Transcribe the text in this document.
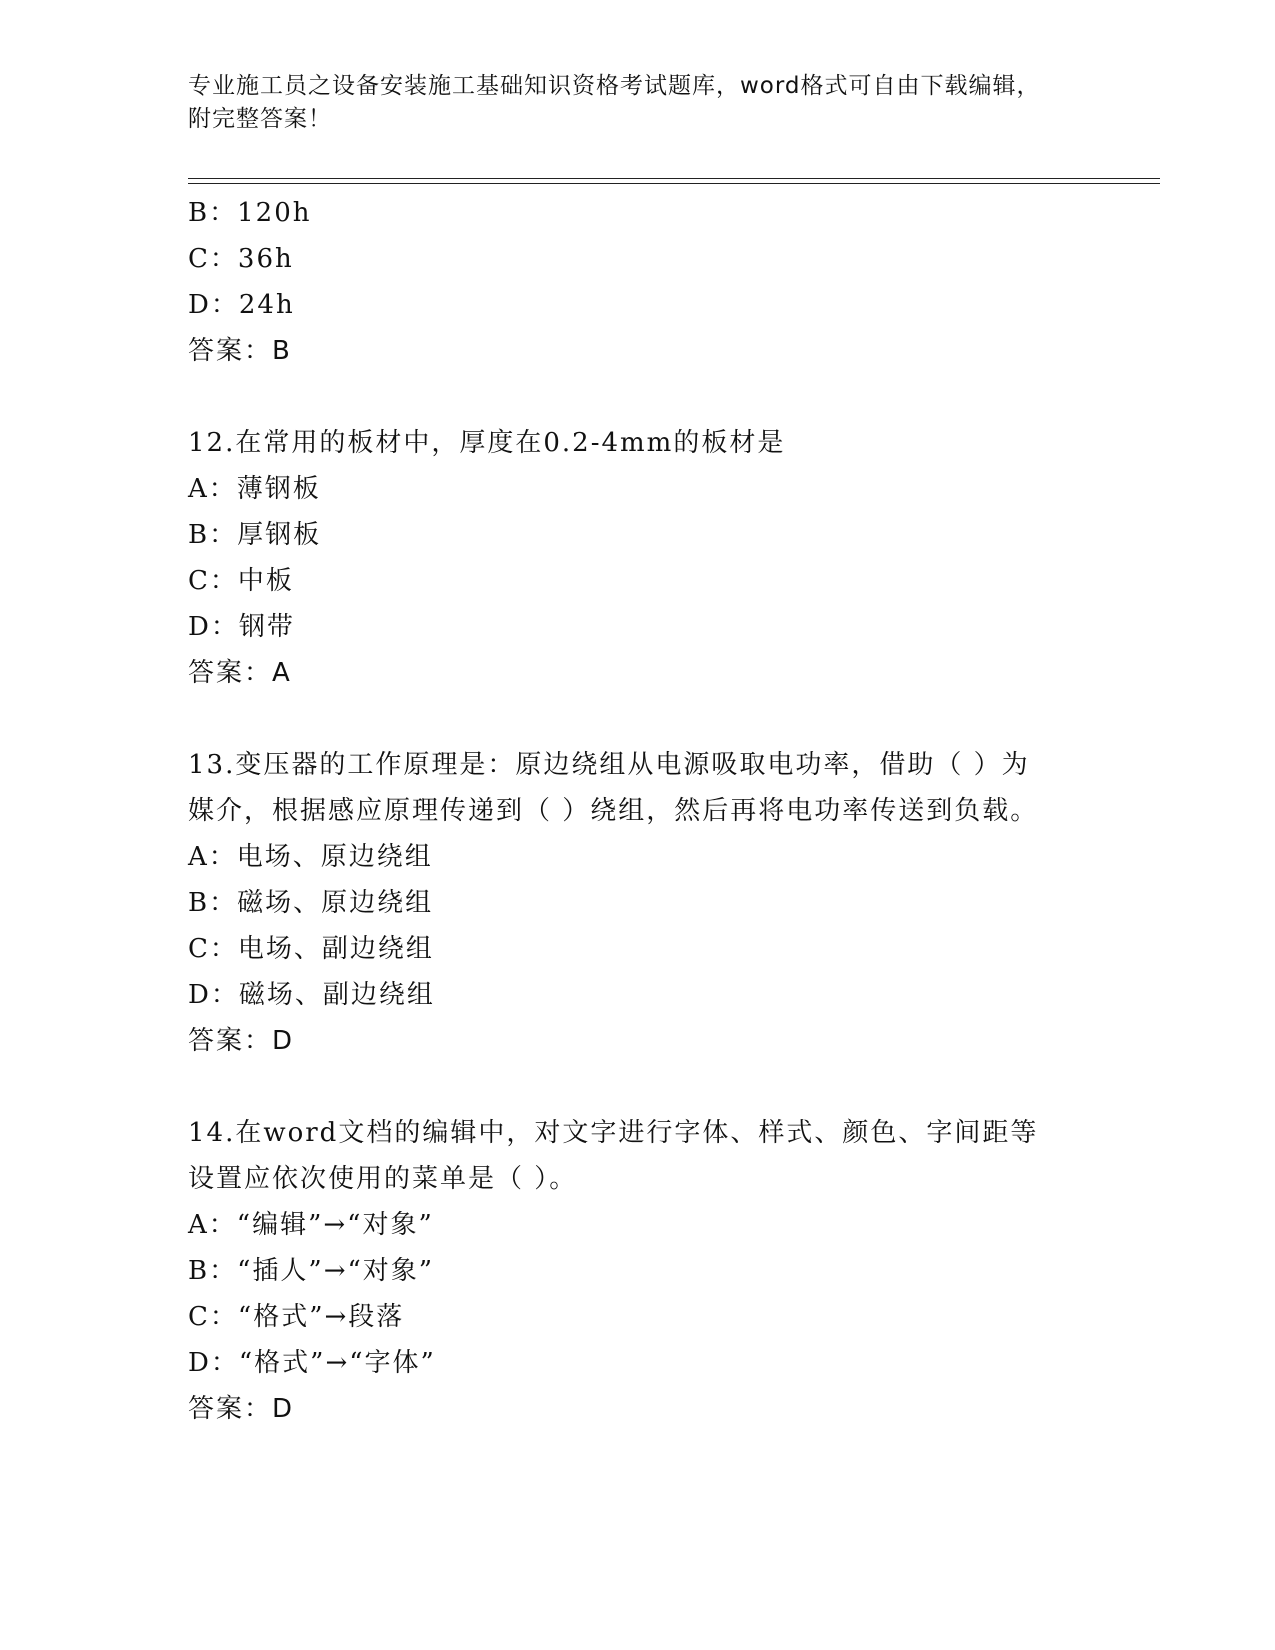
专业施工员之设备安装施工基础知识资格考试题库，word格式可自由下载编辑，
附完整答案！
B：120h
C：36h
D：24h
答案：B
12.在常用的板材中，厚度在0.2-4mm的板材是
A：薄钢板
B：厚钢板
C：中板
D：钢带
答案：A
13.变压器的工作原理是：原边绕组从电源吸取电功率，借助（ ）为
媒介，根据感应原理传递到（ ）绕组，然后再将电功率传送到负载。
A：电场、原边绕组
B：磁场、原边绕组
C：电场、副边绕组
D：磁场、副边绕组
答案：D
14.在word文档的编辑中，对文字进行字体、样式、颜色、字间距等
设置应依次使用的菜单是（ ）。
A：“编辑”→“对象”
B：“插人”→“对象”
C：“格式”→段落
D：“格式”→“字体”
答案：D
